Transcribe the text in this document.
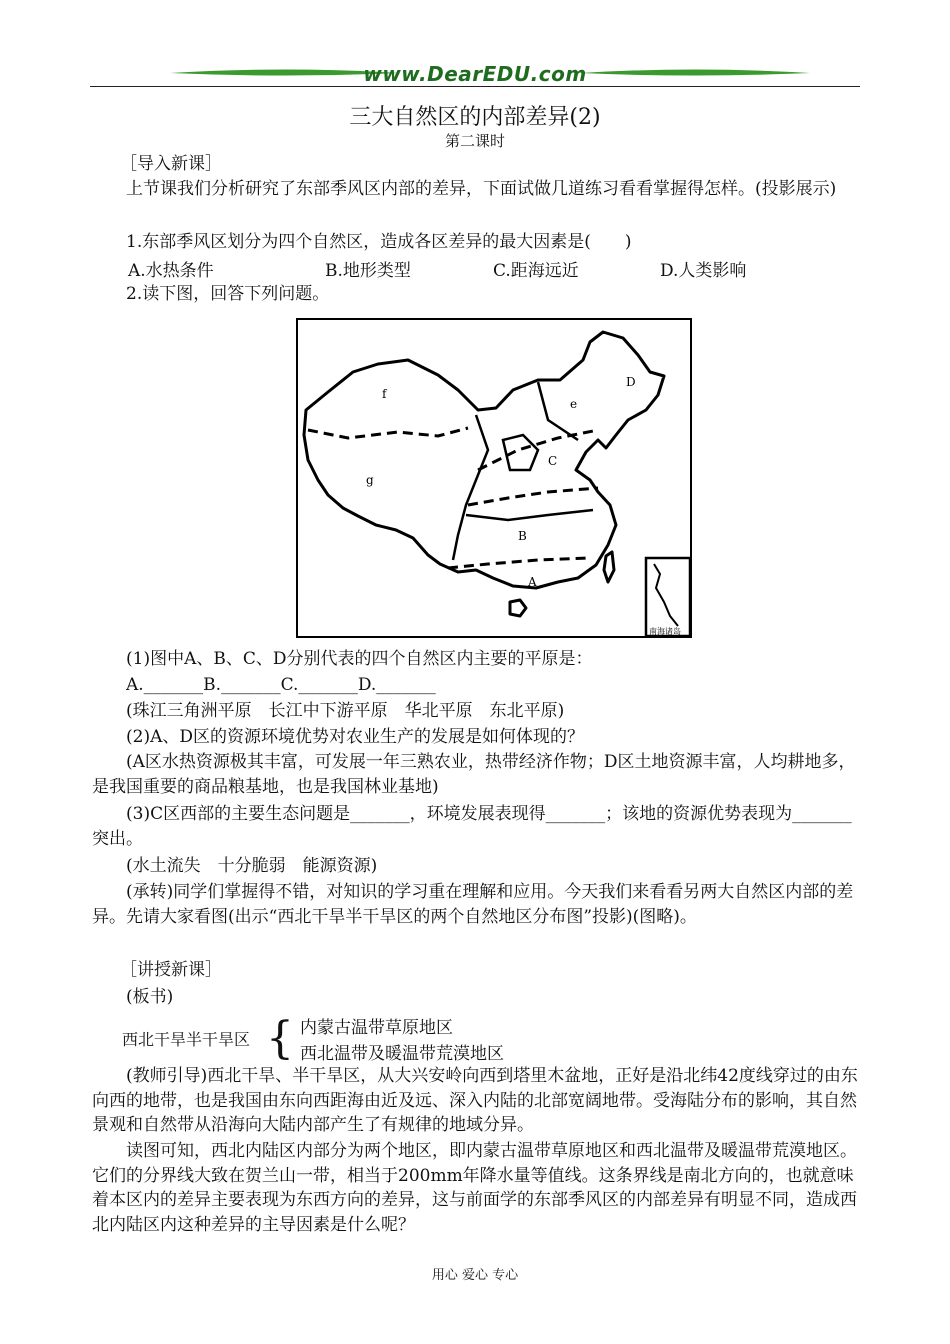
www.DearEDU.com
三大自然区的内部差异(2)
第二课时

［导入新课］

上节课我们分析研究了东部季风区内部的差异，下面试做几道练习看看掌握得怎样。(投影展示)

1.东部季风区划分为四个自然区，造成各区差异的最大因素是(　　)

A.水热条件	B.地形类型	C.距海远近	D.人类影响

2.读下图，回答下列问题。

f
e
D
C
g
B
A
南海诸岛

(1)图中A、B、C、D分别代表的四个自然区内主要的平原是：

A._______B._______C._______D._______

(珠江三角洲平原　长江中下游平原　华北平原　东北平原)

(2)A、D区的资源环境优势对农业生产的发展是如何体现的？

(A区水热资源极其丰富，可发展一年三熟农业，热带经济作物；D区土地资源丰富，人均耕地多，是我国重要的商品粮基地，也是我国林业基地)

(3)C区西部的主要生态问题是_______，环境发展表现得_______；该地的资源优势表现为_______突出。

(水土流失　十分脆弱　能源资源)

(承转)同学们掌握得不错，对知识的学习重在理解和应用。今天我们来看看另两大自然区内部的差异。先请大家看图(出示“西北干旱半干旱区的两个自然地区分布图”投影)(图略)。

［讲授新课］

(板书)

西北干旱半干旱区 { 内蒙古温带草原地区
西北温带及暖温带荒漠地区

(教师引导)西北干旱、半干旱区，从大兴安岭向西到塔里木盆地，正好是沿北纬42度线穿过的由东向西的地带，也是我国由东向西距海由近及远、深入内陆的北部宽阔地带。受海陆分布的影响，其自然景观和自然带从沿海向大陆内部产生了有规律的地域分异。

读图可知，西北内陆区内部分为两个地区，即内蒙古温带草原地区和西北温带及暖温带荒漠地区。它们的分界线大致在贺兰山一带，相当于200mm年降水量等值线。这条界线是南北方向的，也就意味着本区内的差异主要表现为东西方向的差异，这与前面学的东部季风区的内部差异有明显不同，造成西北内陆区内这种差异的主导因素是什么呢？

用心 爱心 专心
